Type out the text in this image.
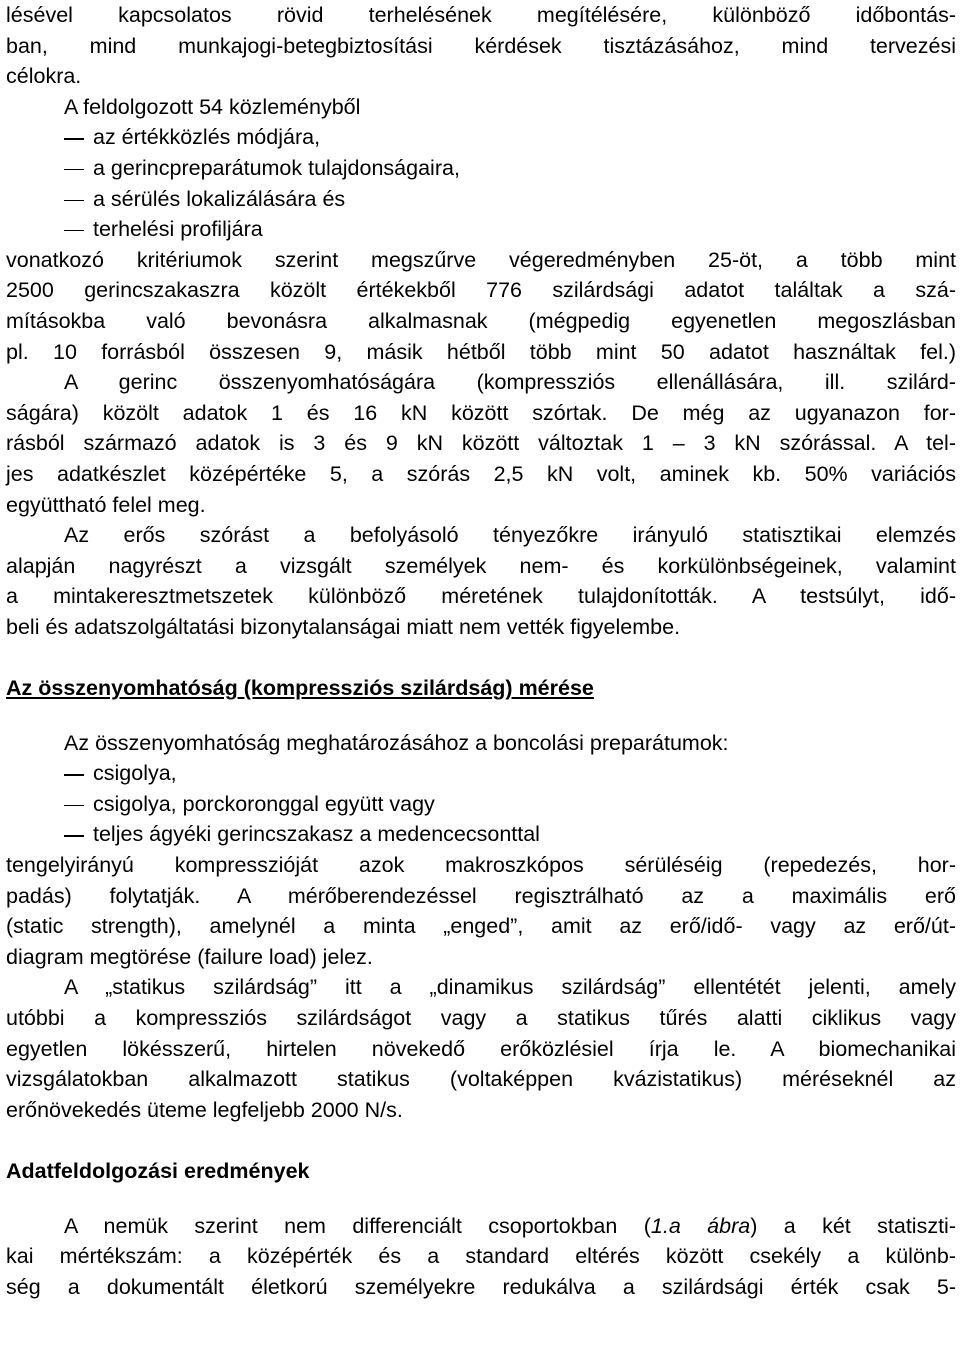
lésével kapcsolatos rövid terhelésének megítélésére, különböző időbontás-
ban, mind munkajogi-betegbiztosítási kérdések tisztázásához, mind tervezési
célokra.
A feldolgozott 54 közleményből
az értékközlés módjára,
a gerincpreparátumok tulajdonságaira,
a sérülés lokalizálására és
terhelési profiljára
vonatkozó kritériumok szerint megszűrve végeredményben 25-öt, a több mint
2500 gerincszakaszra közölt értékekből 776 szilárdsági adatot találtak a szá-
mításokba való bevonásra alkalmasnak (mégpedig egyenetlen megoszlásban
pl. 10 forrásból összesen 9, másik hétből több mint 50 adatot használtak fel.)
A gerinc összenyomhatóságára (kompressziós ellenállására, ill. szilárd-
ságára) közölt adatok 1 és 16 kN között szórtak. De még az ugyanazon for-
rásból származó adatok is 3 és 9 kN között változtak 1 – 3 kN szórással. A tel-
jes adatkészlet középértéke 5, a szórás 2,5 kN volt, aminek kb. 50% variációs
együttható felel meg.
Az erős szórást a befolyásoló tényezőkre irányuló statisztikai elemzés
alapján nagyrészt a vizsgált személyek nem- és korkülönbségeinek, valamint
a mintakeresztmetszetek különböző méretének tulajdonították. A testsúlyt, idő-
beli és adatszolgáltatási bizonytalanságai miatt nem vették figyelembe.
Az összenyomhatóság (kompressziós szilárdság) mérése
Az összenyomhatóság meghatározásához a boncolási preparátumok:
csigolya,
csigolya, porckoronggal együtt vagy
teljes ágyéki gerincszakasz a medencecsonttal
tengelyirányú kompresszióját azok makroszkópos sérüléséig (repedezés, hor-
padás) folytatják. A mérőberendezéssel regisztrálható az a maximális erő
(static strength), amelynél a minta „enged”, amit az erő/idő- vagy az erő/út-
diagram megtörése (failure load) jelez.
A „statikus szilárdság” itt a „dinamikus szilárdság” ellentétét jelenti, amely
utóbbi a kompressziós szilárdságot vagy a statikus tűrés alatti ciklikus vagy
egyetlen lökésszerű, hirtelen növekedő erőközlésiel írja le. A biomechanikai
vizsgálatokban alkalmazott statikus (voltaképpen kvázistatikus) méréseknél az
erőnövekedés üteme legfeljebb 2000 N/s.
Adatfeldolgozási eredmények
A nemük szerint nem differenciált csoportokban (1.a ábra) a két statiszti-
kai mértékszám: a középérték és a standard eltérés között csekély a különb-
ség a dokumentált életkorú személyekre redukálva a szilárdsági érték csak 5-
